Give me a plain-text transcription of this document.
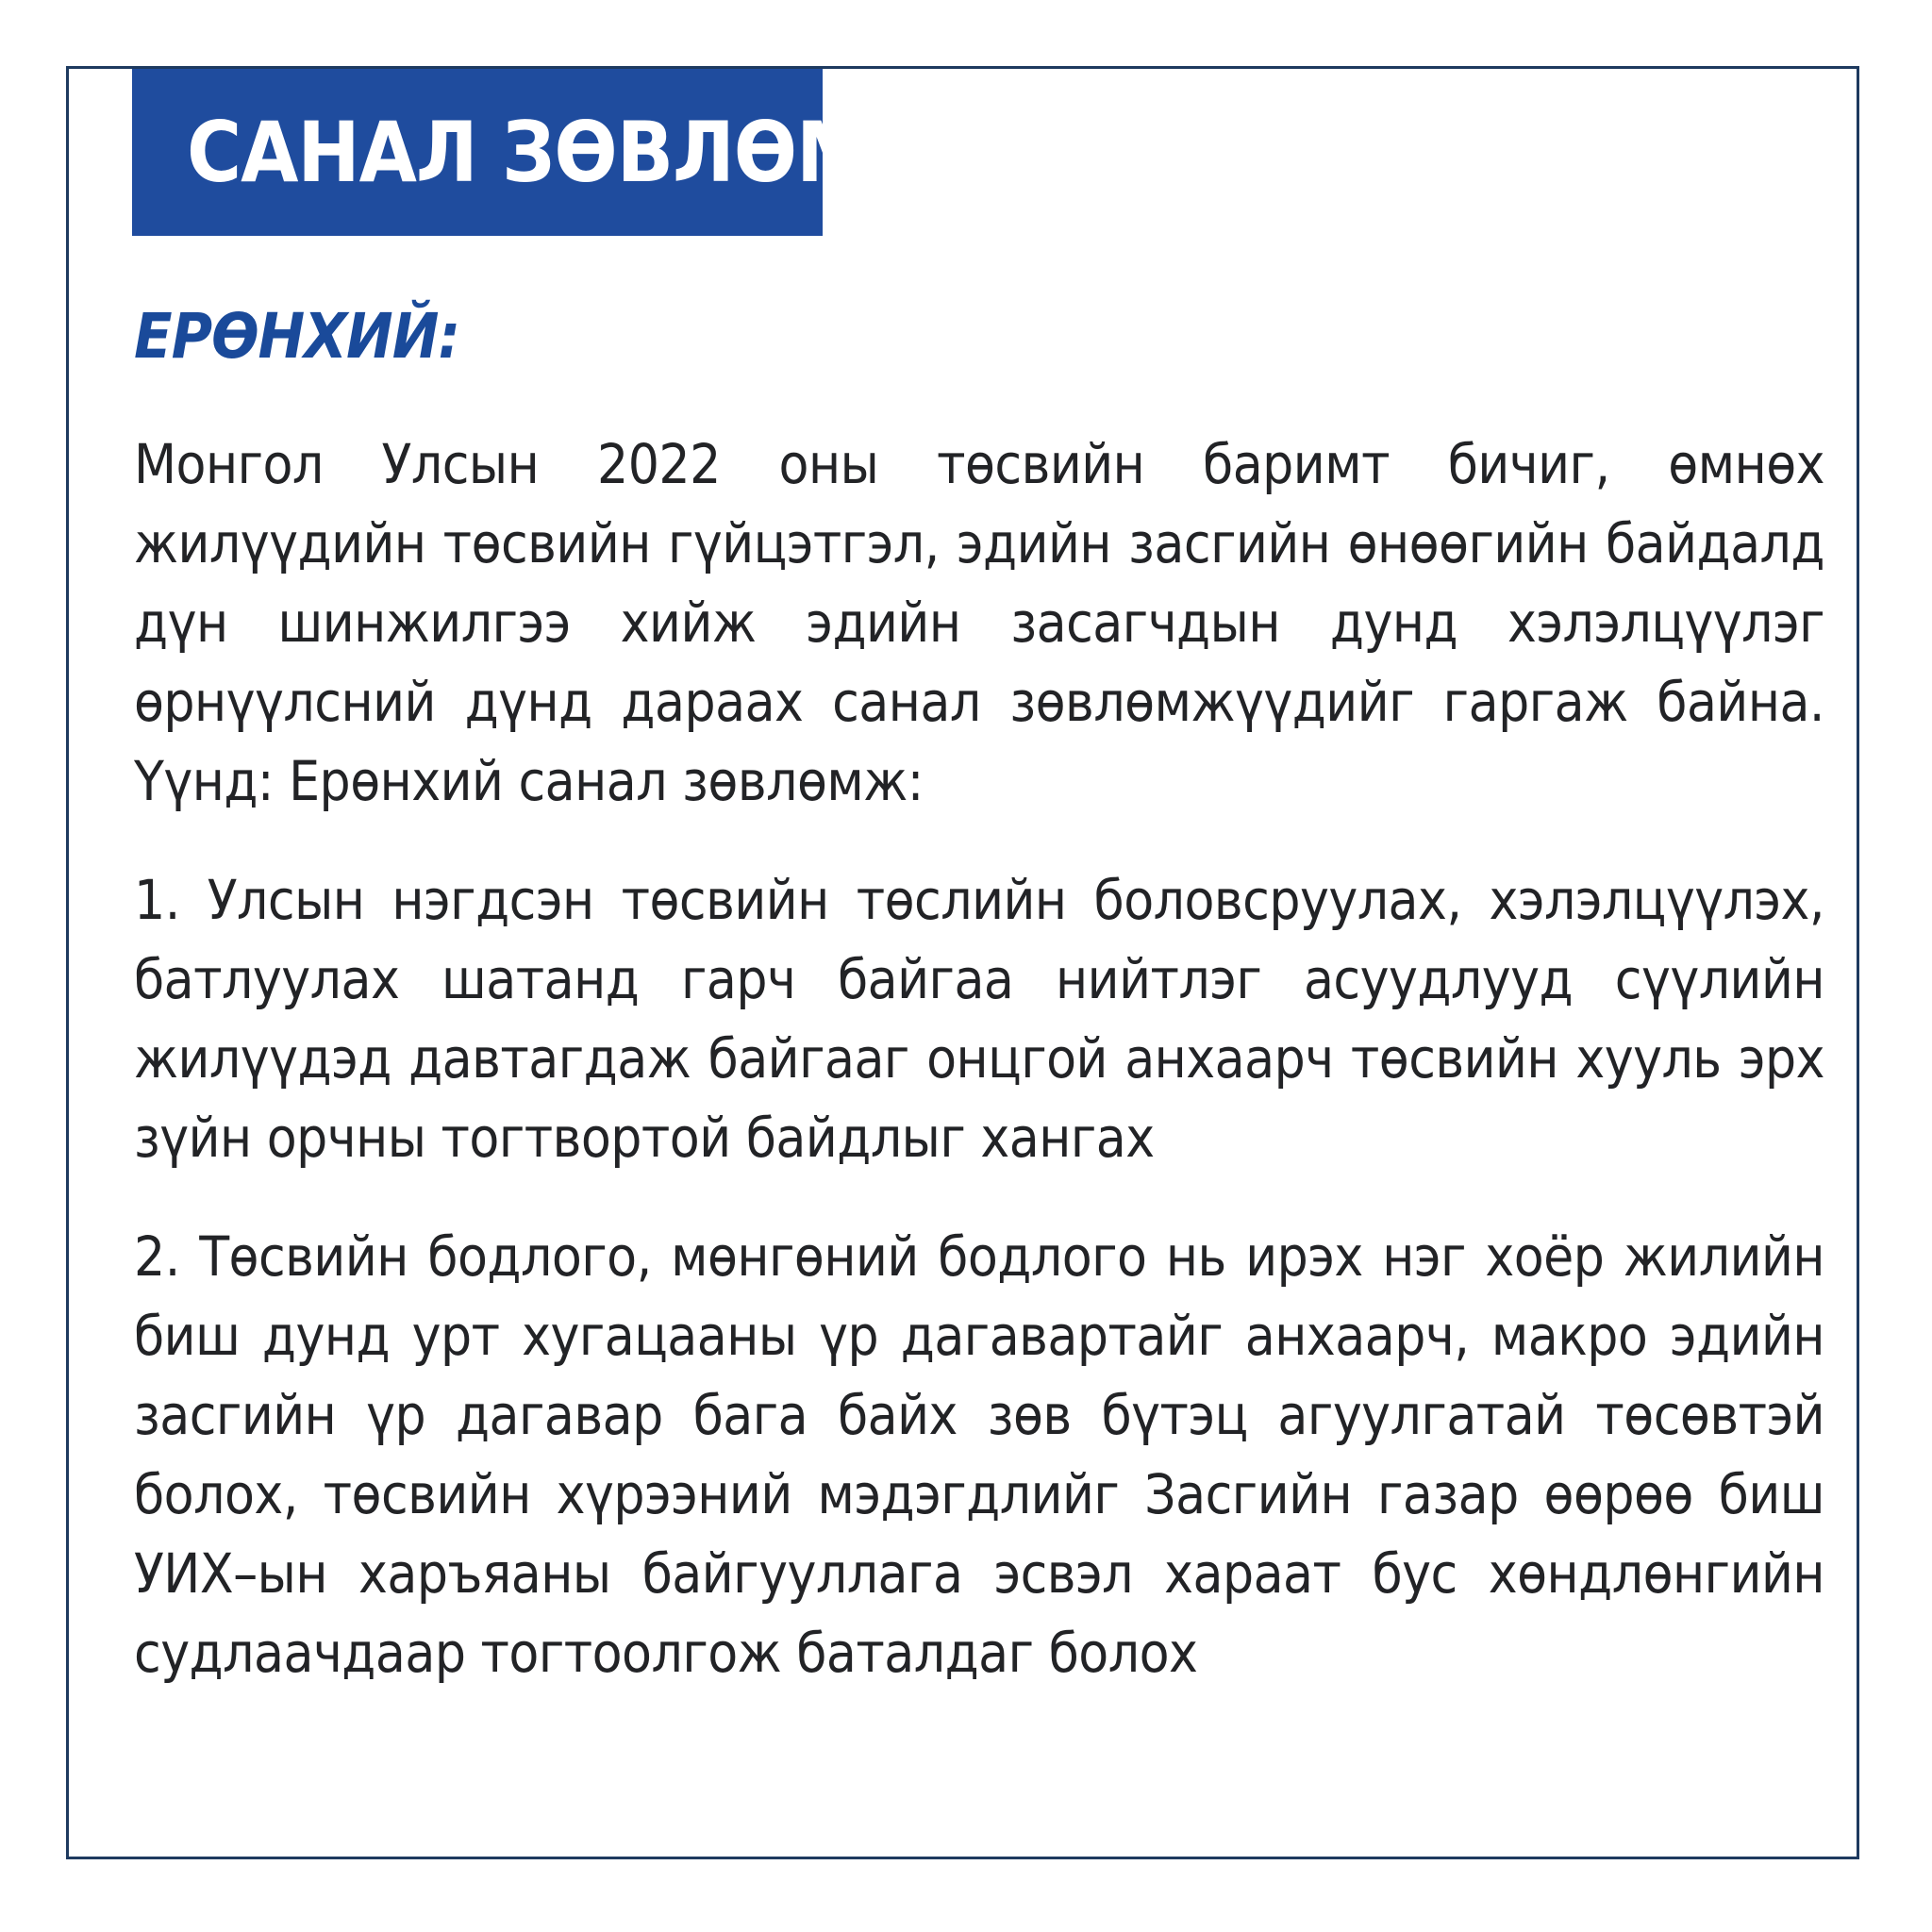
САНАЛ ЗӨВЛӨМЖ
ЕРӨНХИЙ:

Монгол Улсын 2022 оны төсвийн баримт бичиг, өмнөх жилүүдийн төсвийн гүйцэтгэл, эдийн засгийн өнөөгийн байдалд дүн шинжилгээ хийж эдийн засагчдын дунд хэлэлцүүлэг өрнүүлсний дүнд дараах санал зөвлөмжүүдийг гаргаж байна. Үүнд: Ерөнхий санал зөвлөмж:

1. Улсын нэгдсэн төсвийн төслийн боловсруулах, хэлэлцүүлэх, батлуулах шатанд гарч байгаа нийтлэг асуудлууд сүүлийн жилүүдэд давтагдаж байгааг онцгой анхаарч төсвийн хууль эрх зүйн орчны тогтвортой байдлыг хангах

2. Төсвийн бодлого, мөнгөний бодлого нь ирэх нэг хоёр жилийн биш дунд урт хугацааны үр дагавартайг анхаарч, макро эдийн засгийн үр дагавар бага байх зөв бүтэц агуулгатай төсөвтэй болох, төсвийн хүрээний мэдэгдлийг Засгийн газар өөрөө биш УИХ–ын харъяаны байгууллага эсвэл хараат бус хөндлөнгийн судлаачдаар тогтоолгож баталдаг болох
